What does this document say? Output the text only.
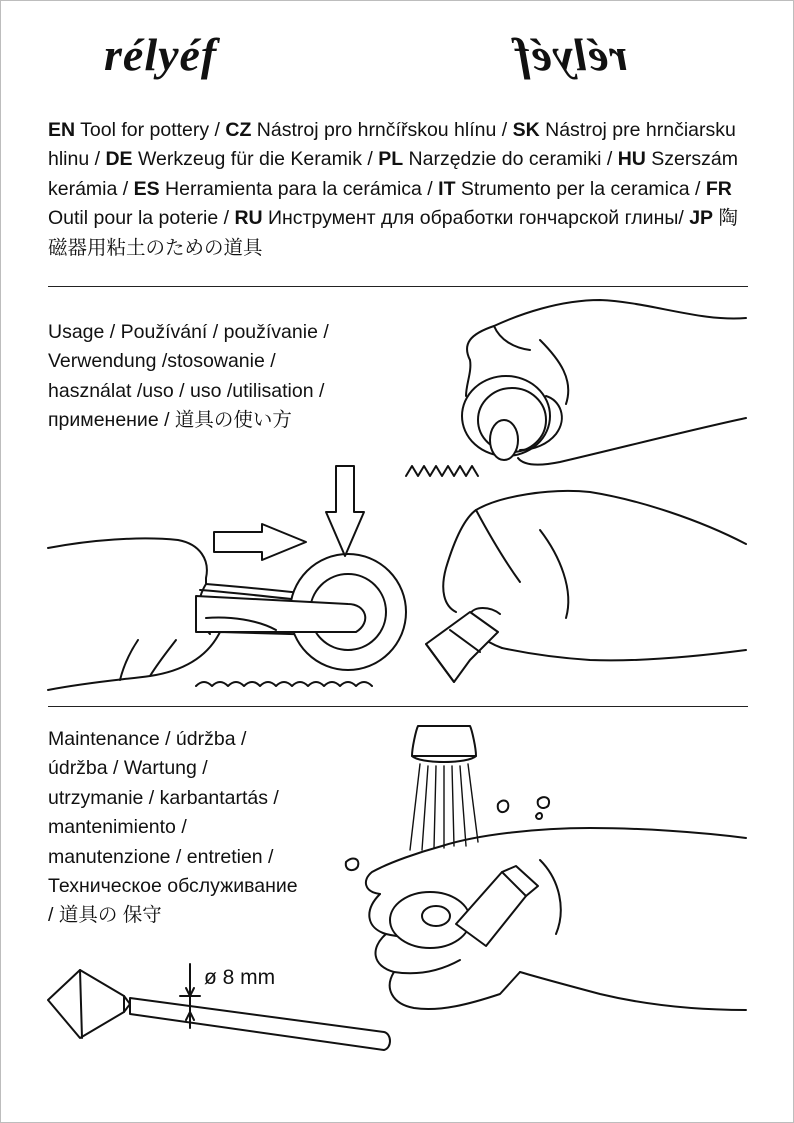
rélyéf	rélyéf
EN Tool for pottery / CZ Nástroj pro hrnčířskou hlínu / SK Nástroj pre hrnčiarsku hlinu / DE Werkzeug für die Keramik / PL Narzędzie do ceramiki / HU Szerszám kerámia / ES Herramienta para la cerámica / IT Strumento per la ceramica / FR Outil pour la poterie / RU Инструмент для обработки гончарской глины/ JP 陶磁器用粘土のための道具
Usage / Používání / používanie /
Verwendung /stosowanie /
használat /uso / uso /utilisation /
применение / 道具の使い方
Maintenance / údržba /
údržba / Wartung /
utrzymanie / karbantartás /
mantenimiento /
manutenzione / entretien /
Техническое обслуживание
/ 道具の 保守
ø 8 mm
